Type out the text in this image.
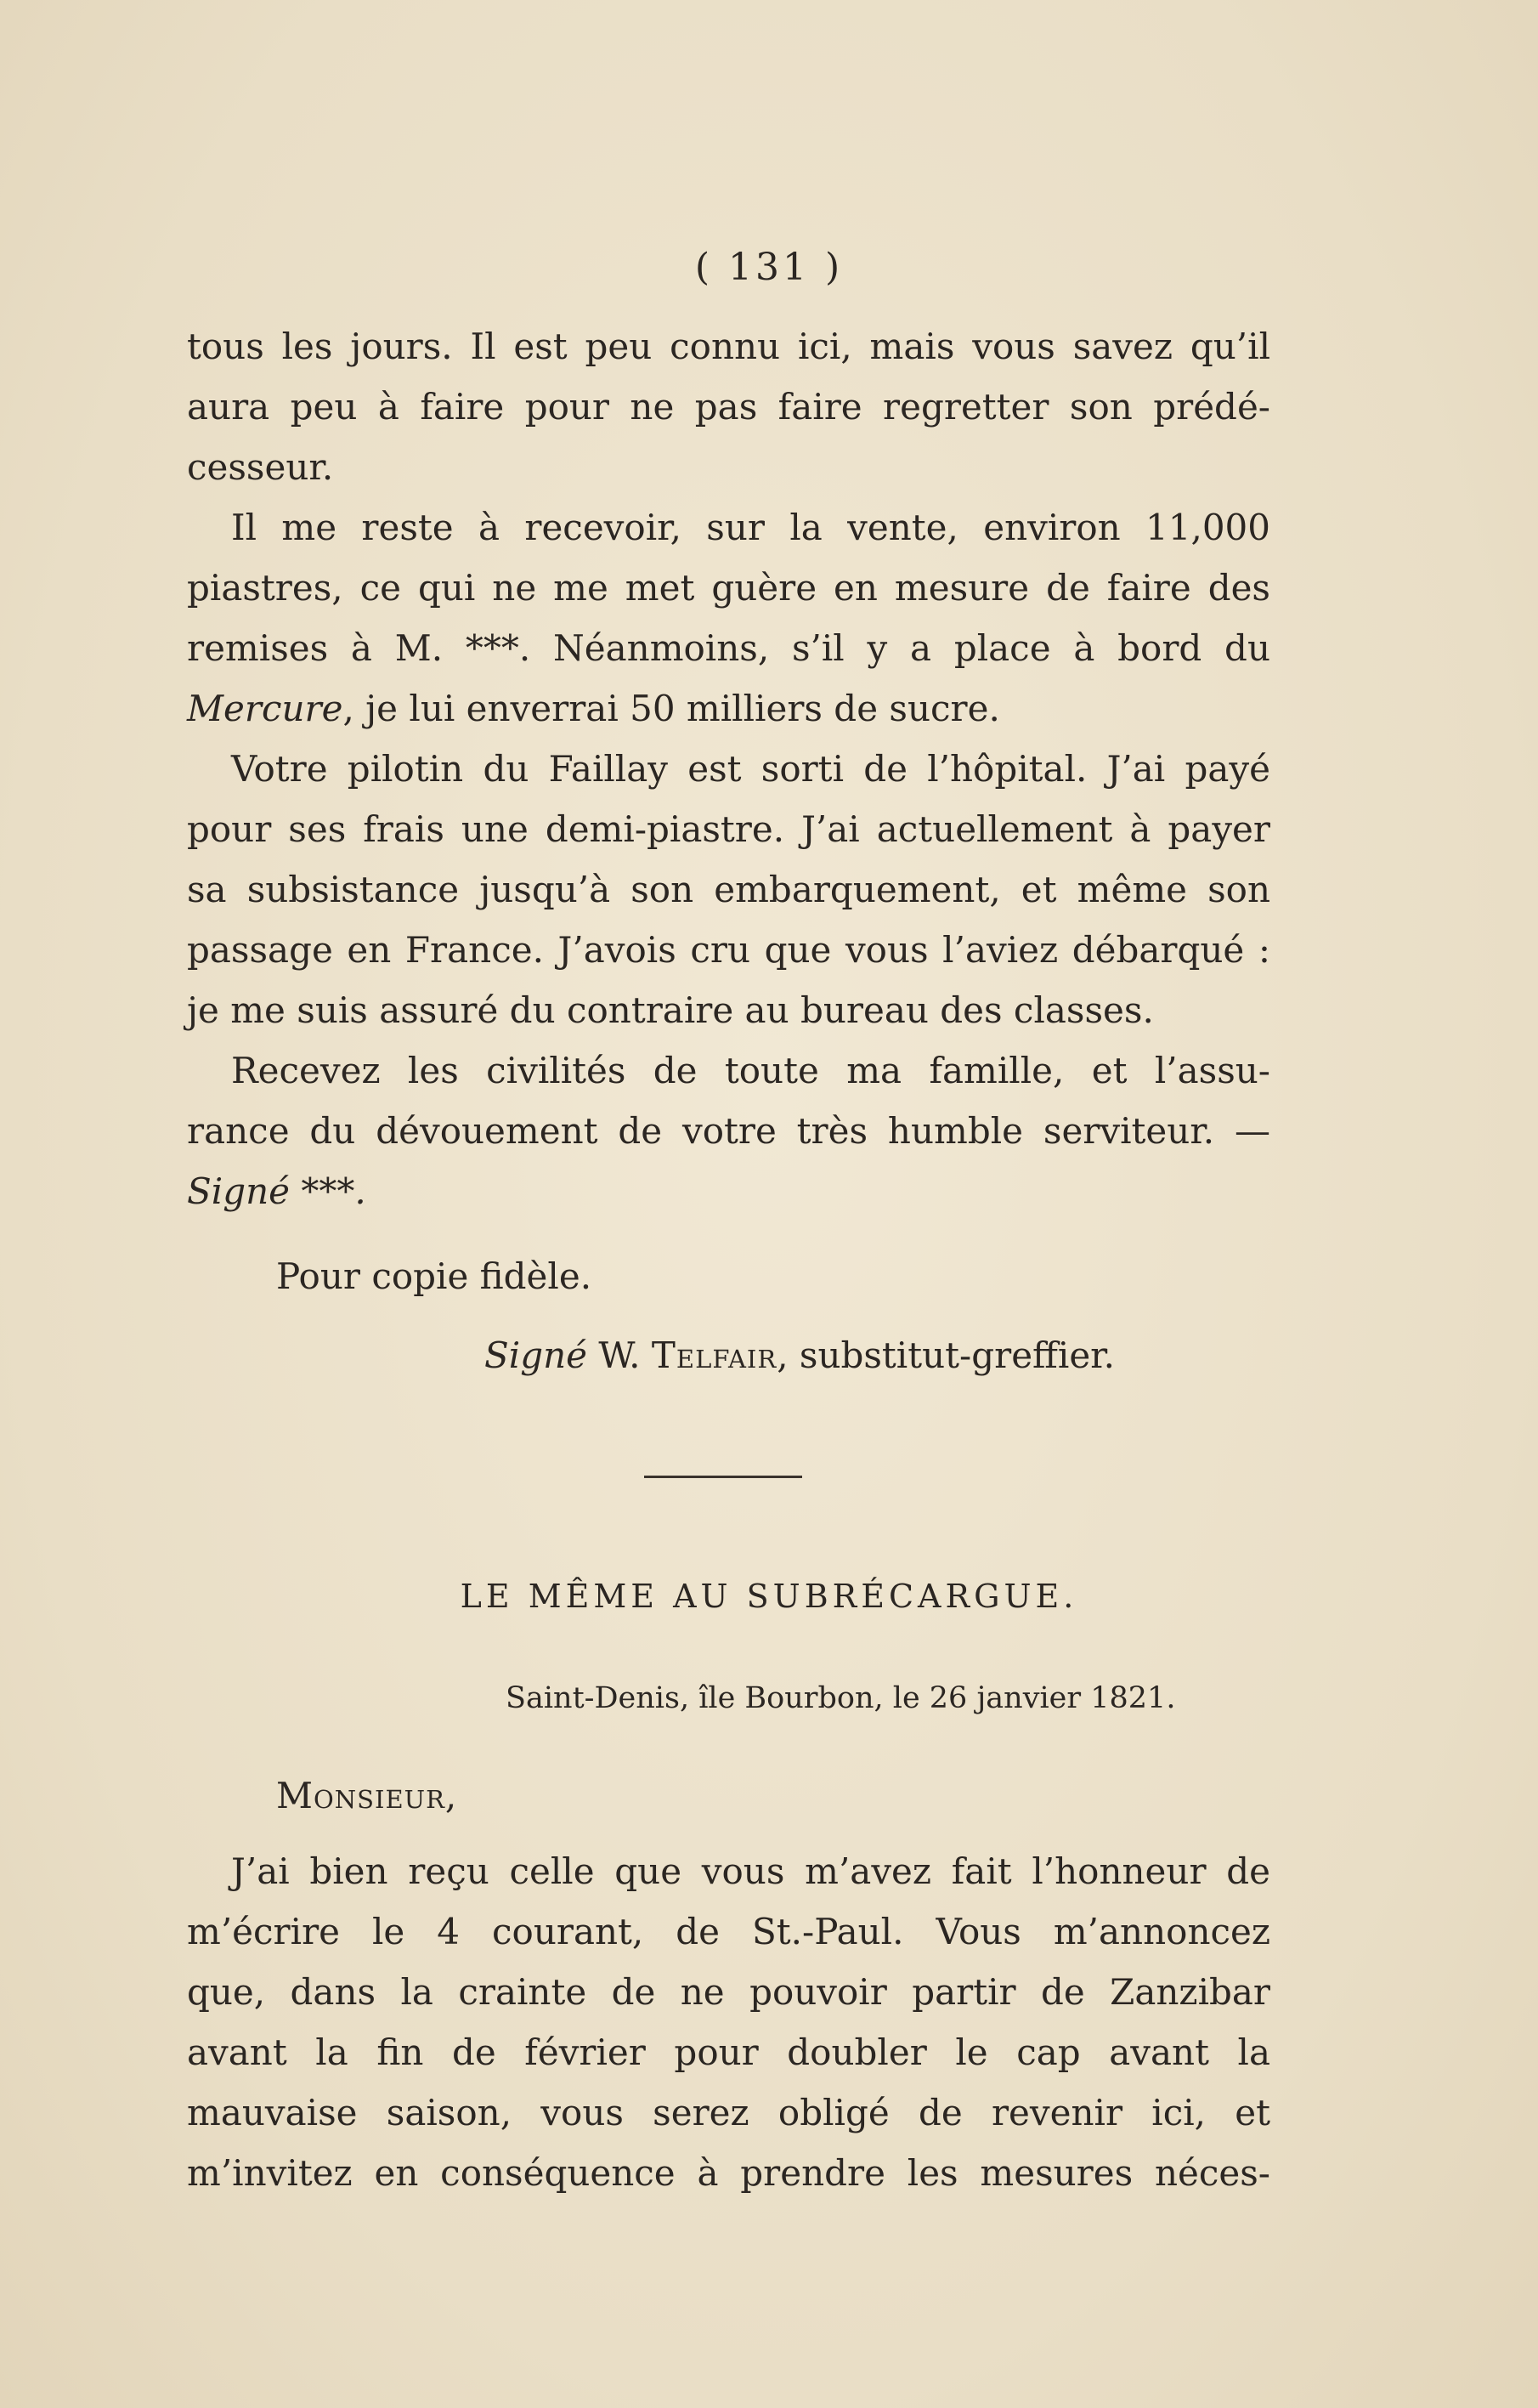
( 131 )
tous les jours. Il est peu connu ici, mais vous savez qu’il
aura peu à faire pour ne pas faire regretter son prédé-
cesseur.
Il me reste à recevoir, sur la vente, environ 11,000
piastres, ce qui ne me met guère en mesure de faire des
remises à M. ***. Néanmoins, s’il y a place à bord du
Mercure, je lui enverrai 50 milliers de sucre.
Votre pilotin du Faillay est sorti de l’hôpital. J’ai payé
pour ses frais une demi-piastre. J’ai actuellement à payer
sa subsistance jusqu’à son embarquement, et même son
passage en France. J’avois cru que vous l’aviez débarqué :
je me suis assuré du contraire au bureau des classes.
Recevez les civilités de toute ma famille, et l’assu-
rance du dévouement de votre très humble serviteur. —
Signé ***.
Pour copie fidèle.
Signé W. Telfair, substitut-greffier.
LE MÊME AU SUBRÉCARGUE.
Saint-Denis, île Bourbon, le 26 janvier 1821.
Monsieur,
J’ai bien reçu celle que vous m’avez fait l’honneur de
m’écrire le 4 courant, de St.-Paul. Vous m’annoncez
que, dans la crainte de ne pouvoir partir de Zanzibar
avant la fin de février pour doubler le cap avant la
mauvaise saison, vous serez obligé de revenir ici, et
m’invitez en conséquence à prendre les mesures néces-
